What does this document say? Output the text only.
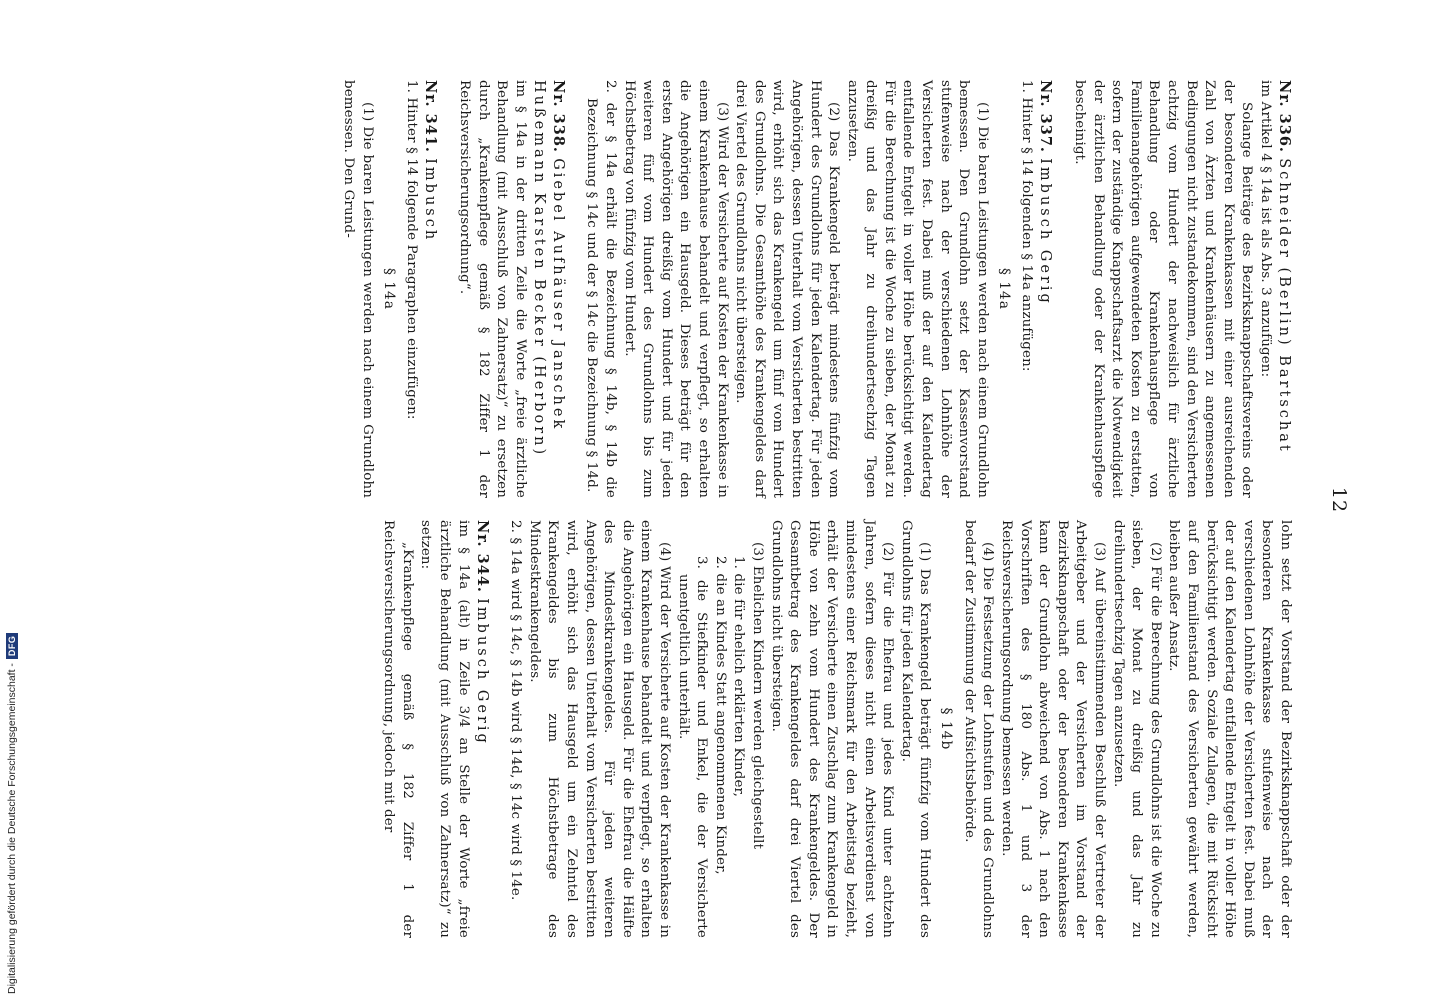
12
Nr. 336. Schneider (Berlin) Bartschat

im Artikel 4 § 14a ist als Abs. 3 anzufügen:

Solange Beiträge des Bezirksknappschaftsvereins oder der besonderen Krankenkassen mit einer ausreichenden Zahl von Ärzten und Krankenhäusern zu angemessenen Bedingungen nicht zustandekommen, sind den Versicherten achtzig vom Hundert der nachweislich für ärztliche Behandlung oder Krankenhauspflege von Familienangehörigen aufgewendeten Kosten zu erstatten, sofern der zuständige Knappschaftsarzt die Notwendigkeit der ärztlichen Behandlung oder der Krankenhauspflege bescheinigt.

Nr. 337. Imbusch Gerig

1. Hinter § 14 folgenden § 14a anzufügen:

§ 14a

(1) Die baren Leistungen werden nach einem Grundlohn bemessen. Den Grundlohn setzt der Kassenvorstand stufenweise nach der verschiedenen Lohnhöhe der Versicherten fest. Dabei muß der auf den Kalendertag entfallende Entgelt in voller Höhe berücksichtigt werden. Für die Berechnung ist die Woche zu sieben, der Monat zu dreißig und das Jahr zu dreihundertsechzig Tagen anzusetzen.

(2) Das Krankengeld beträgt mindestens fünfzig vom Hundert des Grundlohns für jeden Kalendertag. Für jeden Angehörigen, dessen Unterhalt vom Versicherten bestritten wird, erhöht sich das Krankengeld um fünf vom Hundert des Grundlohns. Die Gesamthöhe des Krankengeldes darf drei Viertel des Grundlohns nicht übersteigen.

(3) Wird der Versicherte auf Kosten der Krankenkasse in einem Krankenhause behandelt und verpflegt, so erhalten die Angehörigen ein Hausgeld. Dieses beträgt für den ersten Angehörigen dreißig vom Hundert und für jeden weiteren fünf vom Hundert des Grundlohns bis zum Höchstbetrag von fünfzig vom Hundert.

2. der § 14a erhält die Bezeichnung § 14b, § 14b die Bezeichnung § 14c und der § 14c die Bezeichnung § 14d.

Nr. 338. Giebel Aufhäuser Janschek Hußemann Karsten Becker (Herborn)

im § 14a in der dritten Zeile die Worte „freie ärztliche Behandlung (mit Ausschluß von Zahnersatz)“ zu ersetzen durch „Krankenpflege gemäß § 182 Ziffer 1 der Reichsversicherungsordnung“.

Nr. 341. Imbusch

1. Hinter § 14 folgende Paragraphen einzufügen:

§ 14a

(1) Die baren Leistungen werden nach einem Grundlohn bemessen. Den Grund-

lohn setzt der Vorstand der Bezirksknappschaft oder der besonderen Krankenkasse stufenweise nach der verschiedenen Lohnhöhe der Versicherten fest. Dabei muß der auf den Kalendertag entfallende Entgelt in voller Höhe berücksichtigt werden. Soziale Zulagen, die mit Rücksicht auf den Familienstand des Versicherten gewährt werden, bleiben außer Ansatz.

(2) Für die Berechnung des Grundlohns ist die Woche zu sieben, der Monat zu dreißig und das Jahr zu dreihundertsechzig Tagen anzusetzen.

(3) Auf übereinstimmenden Beschluß der Vertreter der Arbeitgeber und der Versicherten im Vorstand der Bezirksknappschaft oder der besonderen Krankenkasse kann der Grundlohn abweichend von Abs. 1 nach den Vorschriften des § 180 Abs. 1 und 3 der Reichsversicherungsordnung bemessen werden.

(4) Die Festsetzung der Lohnstufen und des Grundlohns bedarf der Zustimmung der Aufsichtsbehörde.

§ 14b

(1) Das Krankengeld beträgt fünfzig vom Hundert des Grundlohns für jeden Kalendertag.

(2) Für die Ehefrau und jedes Kind unter achtzehn Jahren, sofern dieses nicht einen Arbeitsverdienst von mindestens einer Reichsmark für den Arbeitstag bezieht, erhält der Versicherte einen Zuschlag zum Krankengeld in Höhe von zehn vom Hundert des Krankengeldes. Der Gesamtbetrag des Krankengeldes darf drei Viertel des Grundlohns nicht übersteigen.

(3) Ehelichen Kindern werden gleichgestellt

1. die für ehelich erklärten Kinder,

2. die an Kindes Statt angenommenen Kinder,

3. die Stiefkinder und Enkel, die der Versicherte unentgeltlich unterhält.

(4) Wird der Versicherte auf Kosten der Krankenkasse in einem Krankenhause behandelt und verpflegt, so erhalten die Angehörigen ein Hausgeld. Für die Ehefrau die Hälfte des Mindestkrankengeldes. Für jeden weiteren Angehörigen, dessen Unterhalt vom Versicherten bestritten wird, erhöht sich das Hausgeld um ein Zehntel des Krankengeldes bis zum Höchstbetrage des Mindestkrankengeldes.

2. § 14a wird § 14c, § 14b wird § 14d, § 14c wird § 14e.

Nr. 344. Imbusch Gerig

im § 14a (alt) in Zeile 3/4 an Stelle der Worte „freie ärztliche Behandlung (mit Ausschluß von Zahnersatz)“ zu setzen:

„Krankenpflege gemäß § 182 Ziffer 1 der Reichsversicherungsordnung, jedoch mit der

Digitalisierung gefördert durch die Deutsche Forschungsgemeinschaft -
DFG
